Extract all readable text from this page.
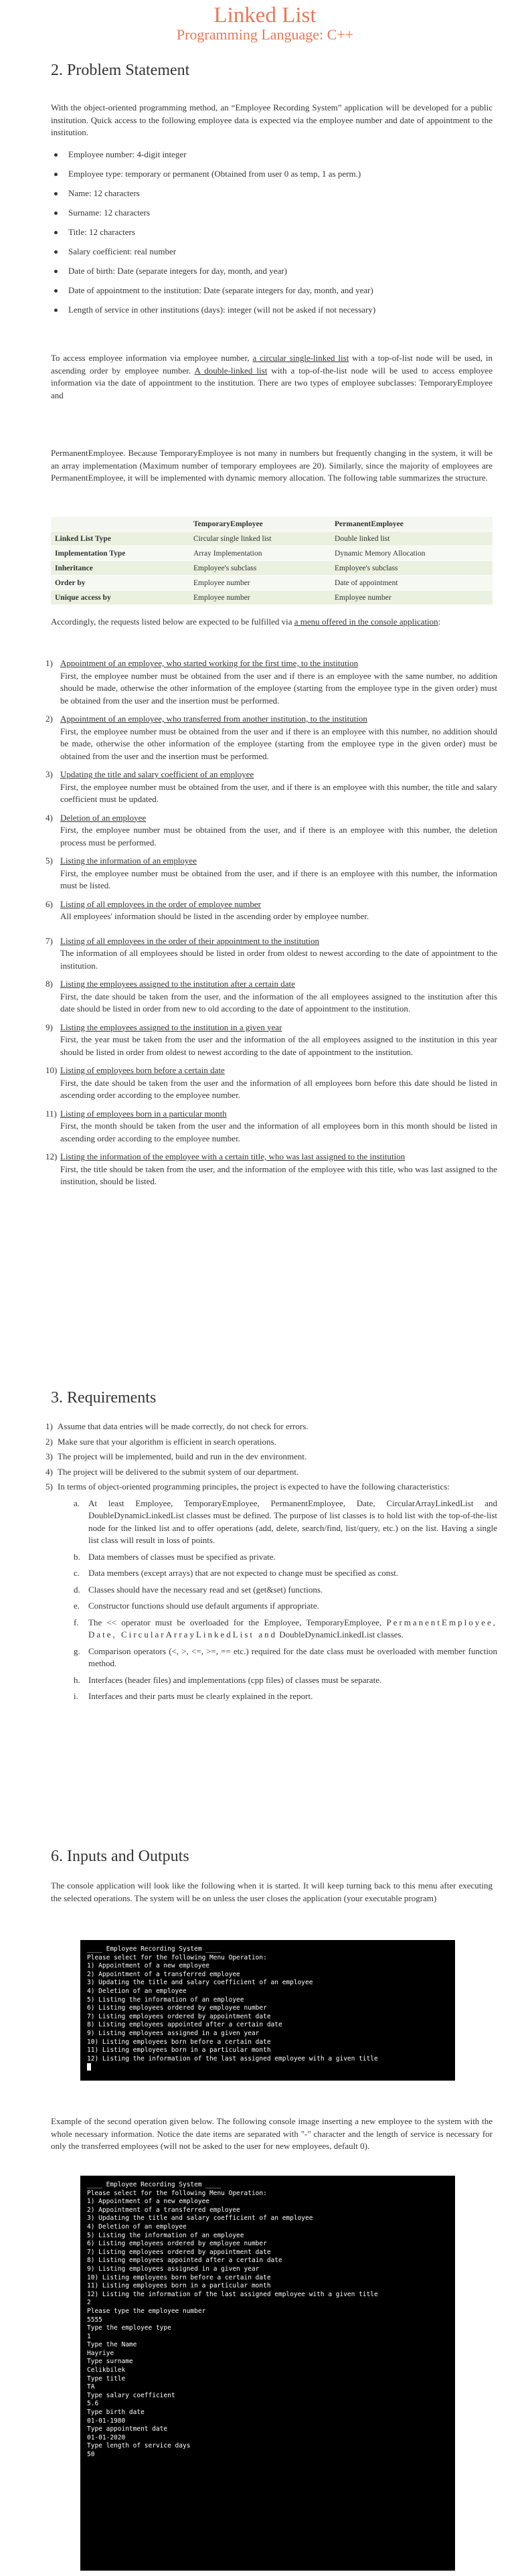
Linked List
Programming Language: C++
2. Problem Statement
With the object-oriented programming method, an “Employee Recording System” application will be developed for a public institution. Quick access to the following employee data is expected via the employee number and date of appointment to the institution.
Employee number: 4-digit integer
Employee type: temporary or permanent (Obtained from user 0 as temp, 1 as perm.)
Name: 12 characters
Surname: 12 characters
Title: 12 characters
Salary coefficient: real number
Date of birth: Date (separate integers for day, month, and year)
Date of appointment to the institution: Date (separate integers for day, month, and year)
Length of service in other institutions (days): integer (will not be asked if not necessary)
To access employee information via employee number, a circular single-linked list with a top-of-list node will be used, in ascending order by employee number. A double-linked list with a top-of-the-list node will be used to access employee information via the date of appointment to the institution. There are two types of employee subclasses: TemporaryEmployee and
PermanentEmployee. Because TemporaryEmployee is not many in numbers but frequently changing in the system, it will be an array implementation (Maximum number of temporary employees are 20). Similarly, since the majority of employees are PermanentEmployee, it will be implemented with dynamic memory allocation. The following table summarizes the structure.
	TemporaryEmployee	PermanentEmployee
Linked List Type	Circular single linked list	Double linked list
Implementation Type	Array Implementation	Dynamic Memory Allocation
Inheritance	Employee's subclass	Employee's subclass
Order by	Employee number	Date of appointment
Unique access by	Employee number	Employee number
Accordingly, the requests listed below are expected to be fulfilled via a menu offered in the console application:
1) Appointment of an employee, who started working for the first time, to the institution
First, the employee number must be obtained from the user and if there is an employee with the same number, no addition should be made, otherwise the other information of the employee (starting from the employee type in the given order) must be obtained from the user and the insertion must be performed.
2) Appointment of an employee, who transferred from another institution, to the institution
First, the employee number must be obtained from the user and if there is an employee with this number, no addition should be made, otherwise the other information of the employee (starting from the employee type in the given order) must be obtained from the user and the insertion must be performed.
3) Updating the title and salary coefficient of an employee
First, the employee number must be obtained from the user, and if there is an employee with this number, the title and salary coefficient must be updated.
4) Deletion of an employee
First, the employee number must be obtained from the user, and if there is an employee with this number, the deletion process must be performed.
5) Listing the information of an employee
First, the employee number must be obtained from the user, and if there is an employee with this number, the information must be listed.
6) Listing of all employees in the order of employee number
All employees' information should be listed in the ascending order by employee number.
7) Listing of all employees in the order of their appointment to the institution
The information of all employees should be listed in order from oldest to newest according to the date of appointment to the institution.
8) Listing the employees assigned to the institution after a certain date
First, the date should be taken from the user, and the information of the all employees assigned to the institution after this date should be listed in order from new to old according to the date of appointment to the institution.
9) Listing the employees assigned to the institution in a given year
First, the year must be taken from the user and the information of the all employees assigned to the institution in this year should be listed in order from oldest to newest according to the date of appointment to the institution.
10) Listing of employees born before a certain date
First, the date should be taken from the user and the information of all employees born before this date should be listed in ascending order according to the employee number.
11) Listing of employees born in a particular month
First, the month should be taken from the user and the information of all employees born in this month should be listed in ascending order according to the employee number.
12) Listing the information of the employee with a certain title, who was last assigned to the institution
First, the title should be taken from the user, and the information of the employee with this title, who was last assigned to the institution, should be listed.
3. Requirements
1) Assume that data entries will be made correctly, do not check for errors.
2) Make sure that your algorithm is efficient in search operations.
3) The project will be implemented, build and run in the dev environment.
4) The project will be delivered to the submit system of our department.
5) In terms of object-oriented programming principles, the project is expected to have the following characteristics:
a. At least Employee, TemporaryEmployee, PermanentEmployee, Date, CircularArrayLinkedList and DoubleDynamicLinkedList classes must be defined. The purpose of list classes is to hold list with the top-of-the-list node for the linked list and to offer operations (add, delete, search/find, list/query, etc.) on the list. Having a single list class will result in loss of points.
b. Data members of classes must be specified as private.
c. Data members (except arrays) that are not expected to change must be specified as const.
d. Classes should have the necessary read and set (get&set) functions.
e. Constructor functions should use default arguments if appropriate.
f. The << operator must be overloaded for the Employee, TemporaryEmployee, PermanentEmployee, Date, CircularArrayLinkedList and DoubleDynamicLinkedList classes.
g. Comparison operators (<, >, <=, >=, == etc.) required for the date class must be overloaded with member function method.
h. Interfaces (header files) and implementations (cpp files) of classes must be separate.
i. Interfaces and their parts must be clearly explained in the report.
6. Inputs and Outputs
The console application will look like the following when it is started. It will keep turning back to this menu after executing the selected operations. The system will be on unless the user closes the application (your executable program)
____ Employee Recording System ____
Please select for the following Menu Operation:
1) Appointment of a new employee
2) Appointment of a transferred employee
3) Updating the title and salary coefficient of an employee
4) Deletion of an employee
5) Listing the information of an employee
6) Listing employees ordered by employee number
7) Listing employees ordered by appointment date
8) Listing employees appointed after a certain date
9) Listing employees assigned in a given year
10) Listing employees born before a certain date
11) Listing employees born in a particular month
12) Listing the information of the last assigned employee with a given title
Example of the second operation given below. The following console image inserting a new employee to the system with the whole necessary information. Notice the date items are separated with "-" character and the length of service is necessary for only the transferred employees (will not be asked to the user for new employees, default 0).
____ Employee Recording System ____
Please select for the following Menu Operation:
1) Appointment of a new employee
2) Appointment of a transferred employee
3) Updating the title and salary coefficient of an employee
4) Deletion of an employee
5) Listing the information of an employee
6) Listing employees ordered by employee number
7) Listing employees ordered by appointment date
8) Listing employees appointed after a certain date
9) Listing employees assigned in a given year
10) Listing employees born before a certain date
11) Listing employees born in a particular month
12) Listing the information of the last assigned employee with a given title
2
Please type the employee number
5555
Type the employee type
1
Type the Name
Hayriye
Type surname
Celikbilek
Type title
TA
Type salary coefficient
5.6
Type birth date
01-01-1980
Type appointment date
01-01-2020
Type length of service days
50
